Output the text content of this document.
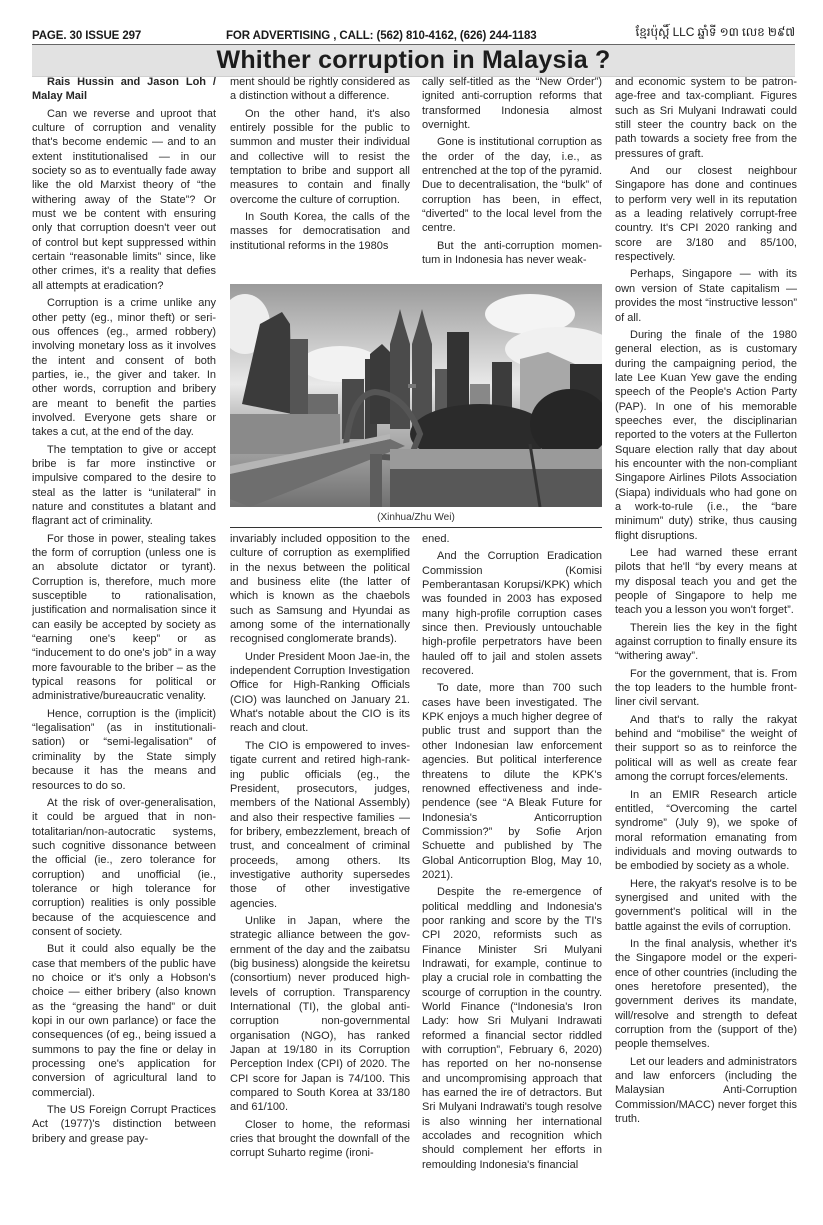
PAGE. 30 ISSUE 297	FOR ADVERTISING , CALL: (562) 810-4162, (626) 244-1183	ខ្មែរប៉ុស្ដិ៍ LLC ឆ្នាំទី ១៣ លេខ ២៩៧
Whither corruption in Malaysia ?

Rais Hussin and Jason Loh / Malay Mail

Can we reverse and uproot that culture of corruption and venality that's become endemic — and to an extent institutionalised — in our society so as to eventually fade away like the old Marxist theory of “the withering away of the State”? Or must we be content with ensuring only that corruption doesn't veer out of control but kept suppressed within certain “reasonable limits” since, like other crimes, it's a reality that defies all attempts at eradication?

Corruption is a crime unlike any other petty (eg., minor theft) or serious offences (eg., armed robbery) involving monetary loss as it involves the intent and consent of both parties, ie., the giver and taker. In other words, corruption and bribery are meant to benefit the parties involved. Everyone gets share or takes a cut, at the end of the day.

The temptation to give or accept bribe is far more instinctive or impulsive compared to the desire to steal as the latter is “unilateral” in nature and constitutes a blatant and flagrant act of criminality.

For those in power, stealing takes the form of corruption (unless one is an absolute dictator or tyrant). Corruption is, therefore, much more susceptible to rationalisation, justification and normalisation since it can easily be accepted by society as “earning one's keep” or as “inducement to do one's job” in a way more favourable to the briber – as the typical reasons for political or administrative/bureaucratic venality.

Hence, corruption is the (implicit) “legalisation” (as in institutionalisation) or “semi-legalisation” of criminality by the State simply because it has the means and resources to do so.

At the risk of over-generalisation, it could be argued that in non-totalitarian/non-autocratic systems, such cognitive dissonance between the official (ie., zero tolerance for corruption) and unofficial (ie., tolerance or high tolerance for corruption) realities is only possible because of the acquiescence and consent of society.

But it could also equally be the case that members of the public have no choice or it's only a Hobson's choice — either bribery (also known as the “greasing the hand” or duit kopi in our own parlance) or face the consequences (of eg., being issued a summons to pay the fine or delay in processing one's application for conversion of agricultural land to commercial).

The US Foreign Corrupt Practices Act (1977)'s distinction between bribery and grease pay-

ment should be rightly considered as a distinction without a difference.

On the other hand, it's also entirely possible for the public to summon and muster their individual and collective will to resist the temptation to bribe and support all measures to contain and finally overcome the culture of corruption.

In South Korea, the calls of the masses for democratisation and institutional reforms in the 1980s

cally self-titled as the “New Order”) ignited anti-corruption reforms that transformed Indonesia almost overnight.

Gone is institutional corruption as the order of the day, i.e., as entrenched at the top of the pyramid. Due to decentralisation, the “bulk” of corruption has been, in effect, “diverted” to the local level from the centre.

But the anti-corruption momentum in Indonesia has never weak-

(Xinhua/Zhu Wei)

invariably included opposition to the culture of corruption as exemplified in the nexus between the political and business elite (the latter of which is known as the chaebols such as Samsung and Hyundai as among some of the internationally recognised conglomerate brands).

Under President Moon Jae-in, the independent Corruption Investigation Office for High-Ranking Officials (CIO) was launched on January 21. What's notable about the CIO is its reach and clout.

The CIO is empowered to investigate current and retired high-ranking public officials (eg., the President, prosecutors, judges, members of the National Assembly) and also their respective families — for bribery, embezzlement, breach of trust, and concealment of criminal proceeds, among others. Its investigative authority supersedes those of other investigative agencies.

Unlike in Japan, where the strategic alliance between the government of the day and the zaibatsu (big business) alongside the keiretsu (consortium) never produced high-levels of corruption. Transparency International (TI), the global anti-corruption non-governmental organisation (NGO), has ranked Japan at 19/180 in its Corruption Perception Index (CPI) of 2020. The CPI score for Japan is 74/100. This compared to South Korea at 33/180 and 61/100.

Closer to home, the reformasi cries that brought the downfall of the corrupt Suharto regime (ironi-

ened.

And the Corruption Eradication Commission (Komisi Pemberantasan Korupsi/KPK) which was founded in 2003 has exposed many high-profile corruption cases since then. Previously untouchable high-profile perpetrators have been hauled off to jail and stolen assets recovered.

To date, more than 700 such cases have been investigated. The KPK enjoys a much higher degree of public trust and support than the other Indonesian law enforcement agencies. But political interference threatens to dilute the KPK's renowned effectiveness and independence (see “A Bleak Future for Indonesia's Anticorruption Commission?” by Sofie Arjon Schuette and published by The Global Anticorruption Blog, May 10, 2021).

Despite the re-emergence of political meddling and Indonesia's poor ranking and score by the TI's CPI 2020, reformists such as Finance Minister Sri Mulyani Indrawati, for example, continue to play a crucial role in combatting the scourge of corruption in the country. World Finance (“Indonesia's Iron Lady: how Sri Mulyani Indrawati reformed a financial sector riddled with corruption”, February 6, 2020) has reported on her no-nonsense and uncompromising approach that has earned the ire of detractors. But Sri Mulyani Indrawati's tough resolve is also winning her international accolades and recognition which should complement her efforts in remoulding Indonesia's financial

and economic system to be patronage-free and tax-compliant. Figures such as Sri Mulyani Indrawati could still steer the country back on the path towards a society free from the pressures of graft.

And our closest neighbour Singapore has done and continues to perform very well in its reputation as a leading relatively corrupt-free country. It's CPI 2020 ranking and score are 3/180 and 85/100, respectively.

Perhaps, Singapore — with its own version of State capitalism — provides the most “instructive lesson” of all.

During the finale of the 1980 general election, as is customary during the campaigning period, the late Lee Kuan Yew gave the ending speech of the People's Action Party (PAP). In one of his memorable speeches ever, the disciplinarian reported to the voters at the Fullerton Square election rally that day about his encounter with the non-compliant Singapore Airlines Pilots Association (Siapa) individuals who had gone on a work-to-rule (i.e., the “bare minimum” duty) strike, thus causing flight disruptions.

Lee had warned these errant pilots that he'll “by every means at my disposal teach you and get the people of Singapore to help me teach you a lesson you won't forget”.

Therein lies the key in the fight against corruption to finally ensure its “withering away”.

For the government, that is. From the top leaders to the humble front-liner civil servant.

And that's to rally the rakyat behind and “mobilise” the weight of their support so as to reinforce the political will as well as create fear among the corrupt forces/elements.

In an EMIR Research article entitled, “Overcoming the cartel syndrome” (July 9), we spoke of moral reformation emanating from individuals and moving outwards to be embodied by society as a whole.

Here, the rakyat's resolve is to be synergised and united with the government's political will in the battle against the evils of corruption.

In the final analysis, whether it's the Singapore model or the experience of other countries (including the ones heretofore presented), the government derives its mandate, will/resolve and strength to defeat corruption from the (support of the) people themselves.

Let our leaders and administrators and law enforcers (including the Malaysian Anti-Corruption Commission/MACC) never forget this truth.
